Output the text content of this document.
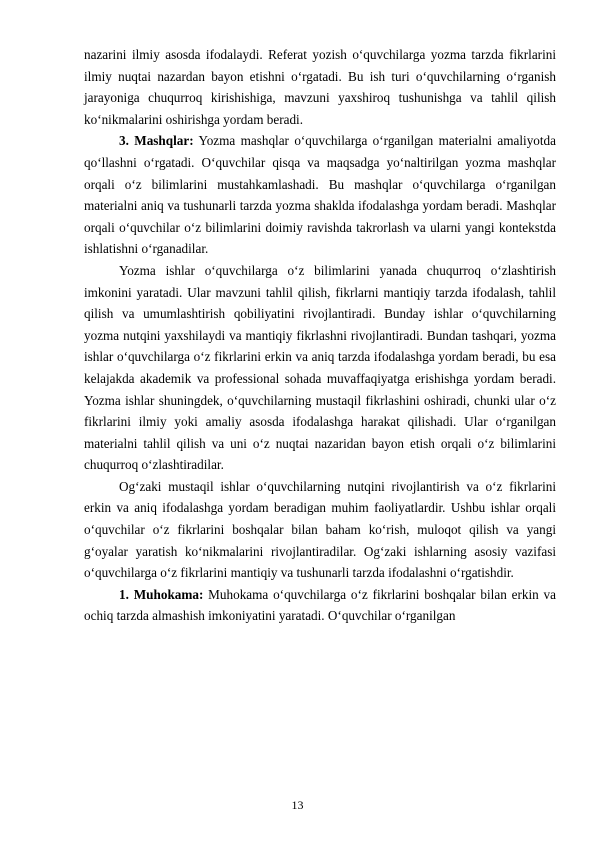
nazarini ilmiy asosda ifodalaydi. Referat yozish o‘quvchilarga yozma tarzda fikrlarini ilmiy nuqtai nazardan bayon etishni o‘rgatadi. Bu ish turi o‘quvchilarning o‘rganish jarayoniga chuqurroq kirishishiga, mavzuni yaxshiroq tushunishga va tahlil qilish ko‘nikmalarini oshirishga yordam beradi.

3. Mashqlar: Yozma mashqlar o‘quvchilarga o‘rganilgan materialni amaliyotda qo‘llashni o‘rgatadi. O‘quvchilar qisqa va maqsadga yo‘naltirilgan yozma mashqlar orqali o‘z bilimlarini mustahkamlashadi. Bu mashqlar o‘quvchilarga o‘rganilgan materialni aniq va tushunarli tarzda yozma shaklda ifodalashga yordam beradi. Mashqlar orqali o‘quvchilar o‘z bilimlarini doimiy ravishda takrorlash va ularni yangi kontekstda ishlatishni o‘rganadilar.

Yozma ishlar o‘quvchilarga o‘z bilimlarini yanada chuqurroq o‘zlashtirish imkonini yaratadi. Ular mavzuni tahlil qilish, fikrlarni mantiqiy tarzda ifodalash, tahlil qilish va umumlashtirish qobiliyatini rivojlantiradi. Bunday ishlar o‘quvchilarning yozma nutqini yaxshilaydi va mantiqiy fikrlashni rivojlantiradi. Bundan tashqari, yozma ishlar o‘quvchilarga o‘z fikrlarini erkin va aniq tarzda ifodalashga yordam beradi, bu esa kelajakda akademik va professional sohada muvaffaqiyatga erishishga yordam beradi. Yozma ishlar shuningdek, o‘quvchilarning mustaqil fikrlashini oshiradi, chunki ular o‘z fikrlarini ilmiy yoki amaliy asosda ifodalashga harakat qilishadi. Ular o‘rganilgan materialni tahlil qilish va uni o‘z nuqtai nazaridan bayon etish orqali o‘z bilimlarini chuqurroq o‘zlashtiradilar.

Og‘zaki mustaqil ishlar o‘quvchilarning nutqini rivojlantirish va o‘z fikrlarini erkin va aniq ifodalashga yordam beradigan muhim faoliyatlardir. Ushbu ishlar orqali o‘quvchilar o‘z fikrlarini boshqalar bilan baham ko‘rish, muloqot qilish va yangi g‘oyalar yaratish ko‘nikmalarini rivojlantiradilar. Og‘zaki ishlarning asosiy vazifasi o‘quvchilarga o‘z fikrlarini mantiqiy va tushunarli tarzda ifodalashni o‘rgatishdir.

1. Muhokama: Muhokama o‘quvchilarga o‘z fikrlarini boshqalar bilan erkin va ochiq tarzda almashish imkoniyatini yaratadi. O‘quvchilar o‘rganilgan

13
